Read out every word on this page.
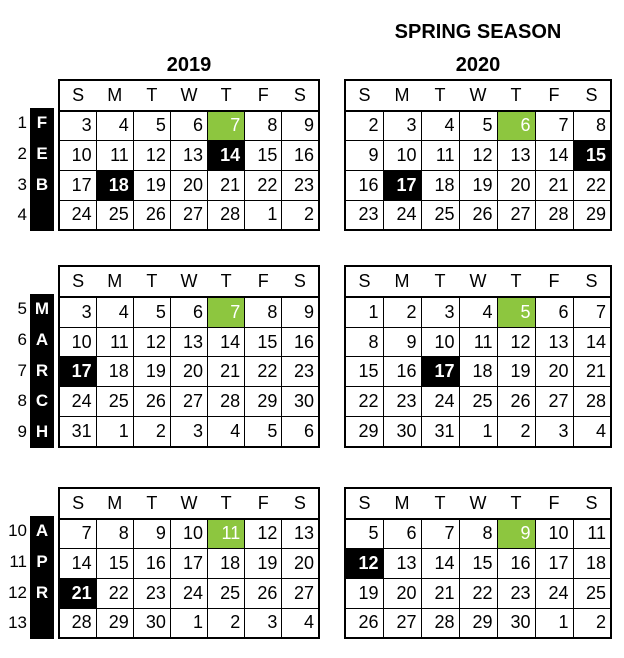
SPRING SEASON
2019	2020
1
2
3
4
F
E
B
S	M	T	W	T	F	S
3	4	5	6	7	8	9
10	11	12	13	14	15	16
17	18	19	20	21	22	23
24	25	26	27	28	1	2
S	M	T	W	T	F	S
2	3	4	5	6	7	8
9	10	11	12	13	14	15
16	17	18	19	20	21	22
23	24	25	26	27	28	29
5
6
7
8
9
M
A
R
C
H
S	M	T	W	T	F	S
3	4	5	6	7	8	9
10	11	12	13	14	15	16
17	18	19	20	21	22	23
24	25	26	27	28	29	30
31	1	2	3	4	5	6
S	M	T	W	T	F	S
1	2	3	4	5	6	7
8	9	10	11	12	13	14
15	16	17	18	19	20	21
22	23	24	25	26	27	28
29	30	31	1	2	3	4
10
11
12
13
A
P
R
S	M	T	W	T	F	S
7	8	9	10	11	12	13
14	15	16	17	18	19	20
21	22	23	24	25	26	27
28	29	30	1	2	3	4
S	M	T	W	T	F	S
5	6	7	8	9	10	11
12	13	14	15	16	17	18
19	20	21	22	23	24	25
26	27	28	29	30	1	2
